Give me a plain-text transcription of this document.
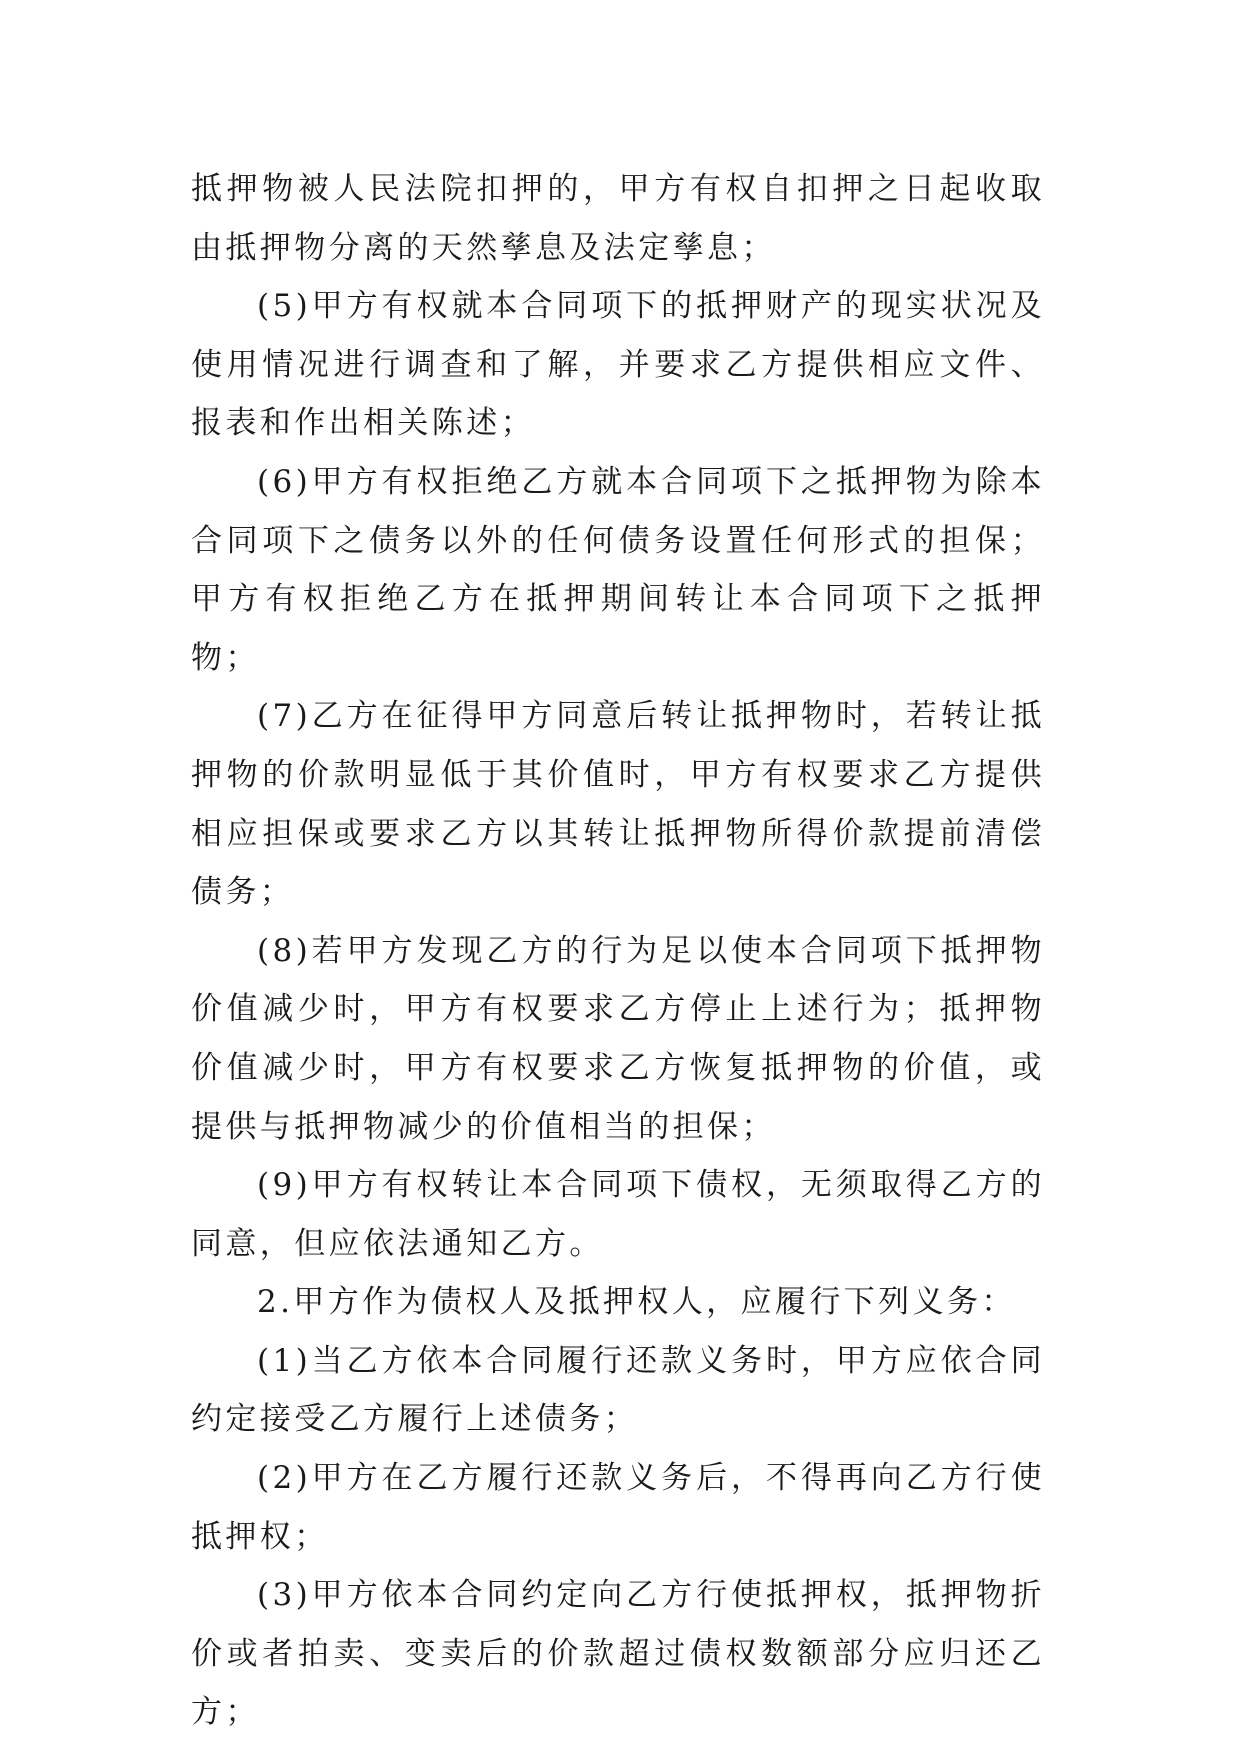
抵押物被人民法院扣押的，甲方有权自扣押之日起收取由抵押物分离的天然孳息及法定孳息；

(5)甲方有权就本合同项下的抵押财产的现实状况及使用情况进行调查和了解，并要求乙方提供相应文件、报表和作出相关陈述；

(6)甲方有权拒绝乙方就本合同项下之抵押物为除本合同项下之债务以外的任何债务设置任何形式的担保；甲方有权拒绝乙方在抵押期间转让本合同项下之抵押物；

(7)乙方在征得甲方同意后转让抵押物时，若转让抵押物的价款明显低于其价值时，甲方有权要求乙方提供相应担保或要求乙方以其转让抵押物所得价款提前清偿债务；

(8)若甲方发现乙方的行为足以使本合同项下抵押物价值减少时，甲方有权要求乙方停止上述行为；抵押物价值减少时，甲方有权要求乙方恢复抵押物的价值，或提供与抵押物减少的价值相当的担保；

(9)甲方有权转让本合同项下债权，无须取得乙方的同意，但应依法通知乙方。

2.甲方作为债权人及抵押权人，应履行下列义务：

(1)当乙方依本合同履行还款义务时，甲方应依合同约定接受乙方履行上述债务；

(2)甲方在乙方履行还款义务后，不得再向乙方行使抵押权；

(3)甲方依本合同约定向乙方行使抵押权，抵押物折价或者拍卖、变卖后的价款超过债权数额部分应归还乙方；
